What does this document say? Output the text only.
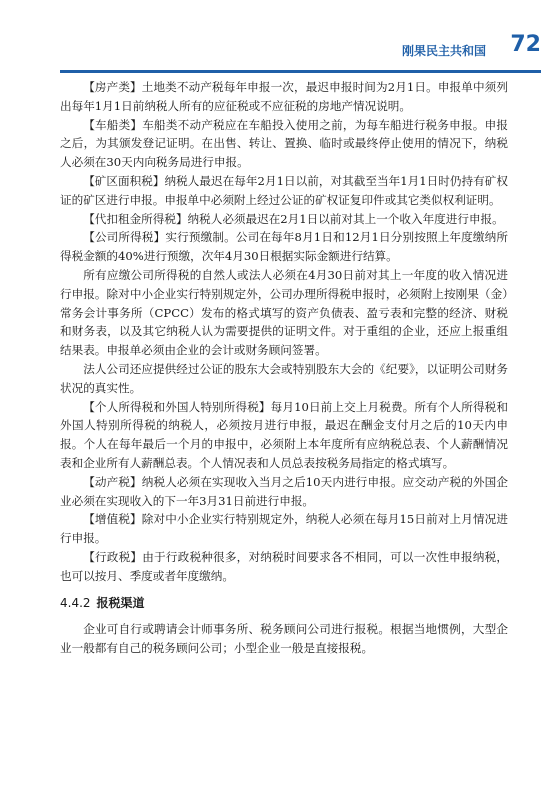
刚果民主共和国 72

【房产类】土地类不动产税每年申报一次，最迟申报时间为2月1日。申报单中须列出每年1月1日前纳税人所有的应征税或不应征税的房地产情况说明。

【车船类】车船类不动产税应在车船投入使用之前，为每车船进行税务申报。申报之后，为其颁发登记证明。在出售、转让、置换、临时或最终停止使用的情况下，纳税人必须在30天内向税务局进行申报。

【矿区面积税】纳税人最迟在每年2月1日以前，对其截至当年1月1日时仍持有矿权证的矿区进行申报。申报单中必须附上经过公证的矿权证复印件或其它类似权利证明。

【代扣租金所得税】纳税人必须最迟在2月1日以前对其上一个收入年度进行申报。

【公司所得税】实行预缴制。公司在每年8月1日和12月1日分别按照上年度缴纳所得税金额的40%进行预缴，次年4月30日根据实际金额进行结算。

所有应缴公司所得税的自然人或法人必须在4月30日前对其上一年度的收入情况进行申报。除对中小企业实行特别规定外，公司办理所得税申报时，必须附上按刚果（金）常务会计事务所（CPCC）发布的格式填写的资产负债表、盈亏表和完整的经济、财税和财务表，以及其它纳税人认为需要提供的证明文件。对于重组的企业，还应上报重组结果表。申报单必须由企业的会计或财务顾问签署。

法人公司还应提供经过公证的股东大会或特别股东大会的《纪要》，以证明公司财务状况的真实性。

【个人所得税和外国人特别所得税】每月10日前上交上月税费。所有个人所得税和外国人特别所得税的纳税人，必须按月进行申报，最迟在酬金支付月之后的10天内申报。个人在每年最后一个月的申报中，必须附上本年度所有应纳税总表、个人薪酬情况表和企业所有人薪酬总表。个人情况表和人员总表按税务局指定的格式填写。

【动产税】纳税人必须在实现收入当月之后10天内进行申报。应交动产税的外国企业必须在实现收入的下一年3月31日前进行申报。

【增值税】除对中小企业实行特别规定外，纳税人必须在每月15日前对上月情况进行申报。

【行政税】由于行政税种很多，对纳税时间要求各不相同，可以一次性申报纳税，也可以按月、季度或者年度缴纳。

4.4.2 报税渠道

企业可自行或聘请会计师事务所、税务顾问公司进行报税。根据当地惯例，大型企业一般都有自己的税务顾问公司；小型企业一般是直接报税。
